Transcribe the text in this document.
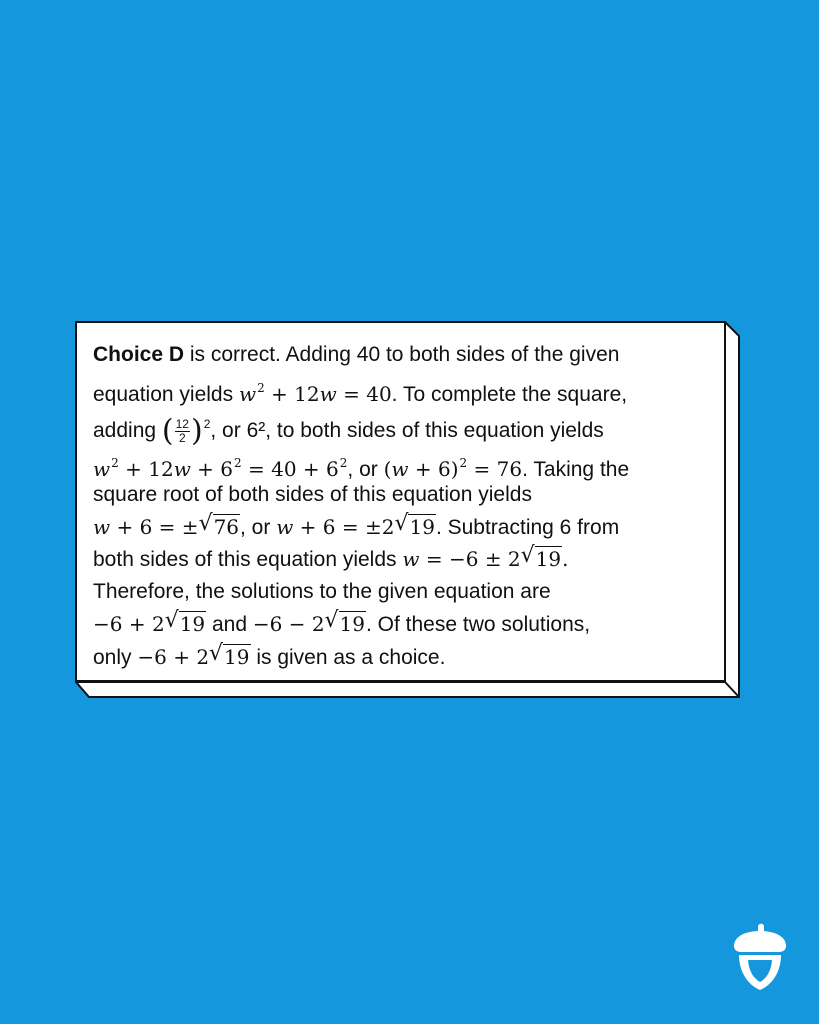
Choice D is correct. Adding 40 to both sides of the given
equation yields $w^2 + 12w = 40$. To complete the square,
adding ( $\frac{12}{2} )^2$, or 6², to both sides of this equation yields
$w^2 + 12w + 6^2 = 40 + 6^2$, or $(w + 6)^2 = 76$. Taking the
square root of both sides of this equation yields
w + 6 = ± √ 76, or w + 6 = ±2 √ 19. Subtracting 6 from
both sides of this equation yields w = −6 ± 2 √ 19.
Therefore, the solutions to the given equation are
−6 + 2 √ 19 and −6 − 2 √ 19. Of these two solutions,
only −6 + 2 √ 19 is given as a choice.
